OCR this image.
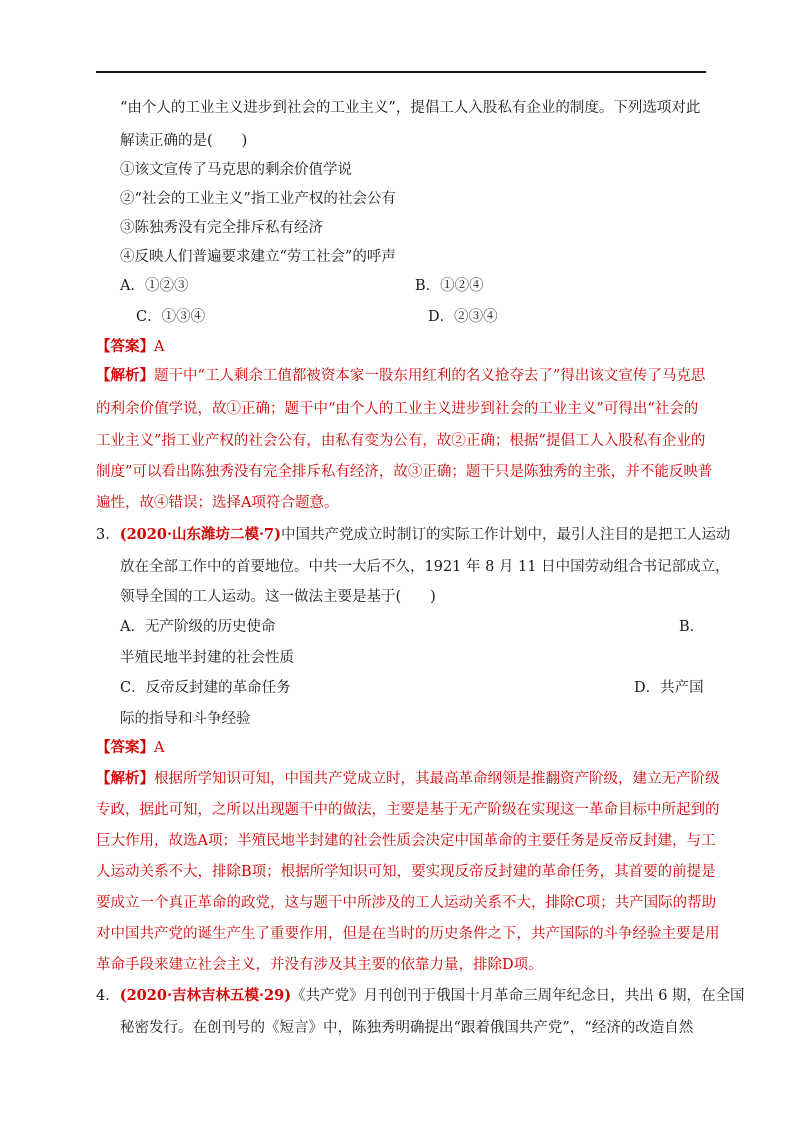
“由个人的工业主义进步到社会的工业主义”，提倡工人入股私有企业的制度。下列选项对此
解读正确的是(　　)
①该文宣传了马克思的剩余价值学说
②“社会的工业主义”指工业产权的社会公有
③陈独秀没有完全排斥私有经济
④反映人们普遍要求建立“劳工社会”的呼声
A．①②③	B．①②④
C．①③④	D．②③④
【答案】A
【解析】题干中“工人剩余工值都被资本家一股东用红利的名义抢夺去了”得出该文宣传了马克思
的利余价值学说，故①正确；题干中“由个人的工业主义进步到社会的工业主义”可得出“社会的
工业主义”指工业产权的社会公有，由私有变为公有，故②正确；根据“提倡工人入股私有企业的
制度”可以看出陈独秀没有完全排斥私有经济，故③正确；题干只是陈独秀的主张，并不能反映普
遍性，故④错误；选择A项符合题意。
3．(2020·山东潍坊二模·7)中国共产党成立时制订的实际工作计划中，最引人注目的是把工人运动
放在全部工作中的首要地位。中共一大后不久，1921 年 8 月 11 日中国劳动组合书记部成立，
领导全国的工人运动。这一做法主要是基于(　　)
A．无产阶级的历史使命	B．
半殖民地半封建的社会性质
C．反帝反封建的革命任务	D．共产国
际的指导和斗争经验
【答案】A
【解析】根据所学知识可知，中国共产党成立时，其最高革命纲领是推翻资产阶级，建立无产阶级
专政，据此可知，之所以出现题干中的做法，主要是基于无产阶级在实现这一革命目标中所起到的
巨大作用，故选A项；半殖民地半封建的社会性质会决定中国革命的主要任务是反帝反封建，与工
人运动关系不大，排除B项；根据所学知识可知，要实现反帝反封建的革命任务，其首要的前提是
要成立一个真正革命的政党，这与题干中所涉及的工人运动关系不大，排除C项；共产国际的帮助
对中国共产党的诞生产生了重要作用，但是在当时的历史条件之下，共产国际的斗争经验主要是用
革命手段来建立社会主义，并没有涉及其主要的依靠力量，排除D项。
4．(2020·吉林吉林五模·29)《共产党》月刊创刊于俄国十月革命三周年纪念日，共出 6 期，在全国
秘密发行。在创刊号的《短言》中，陈独秀明确提出“跟着俄国共产党”，“经济的改造自然
